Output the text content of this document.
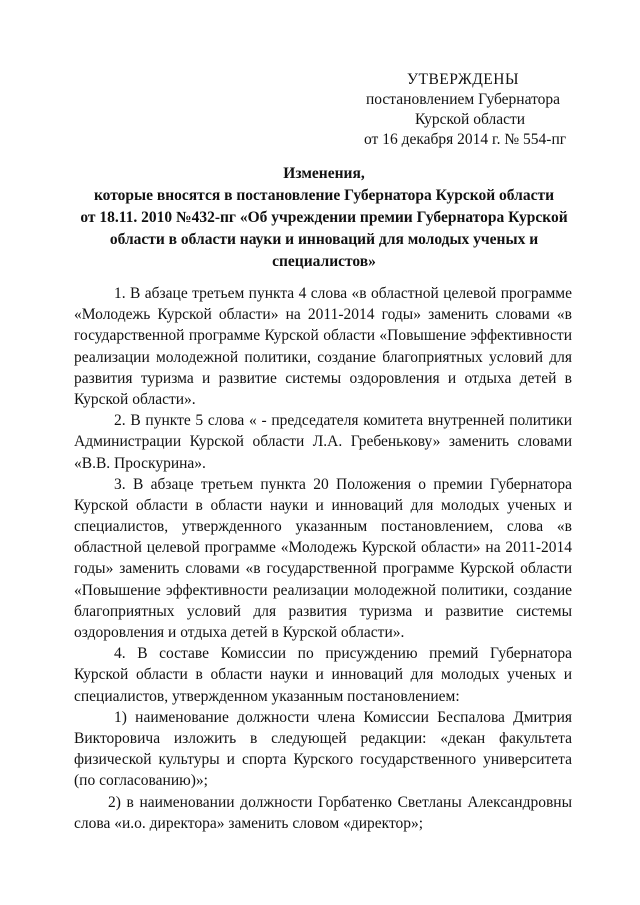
УТВЕРЖДЕНЫ
постановлением Губернатора
Курской области
от 16 декабря 2014 г. № 554-пг
Изменения,
которые вносятся в постановление Губернатора Курской области
от 18.11. 2010 №432-пг «Об учреждении премии Губернатора Курской
области в области науки и инноваций для молодых ученых и
специалистов»
1. В абзаце третьем пункта 4 слова «в областной целевой программе
«Молодежь Курской области» на 2011-2014 годы» заменить словами «в
государственной программе Курской области «Повышение эффективности
реализации молодежной политики, создание благоприятных условий для
развития туризма и развитие системы оздоровления и отдыха детей в
Курской области».
2. В пункте 5 слова « - председателя комитета внутренней политики
Администрации Курской области Л.А. Гребенькову» заменить словами
«В.В. Проскурина».
3. В абзаце третьем пункта 20 Положения о премии Губернатора
Курской области в области науки и инноваций для молодых ученых и
специалистов, утвержденного указанным постановлением, слова «в
областной целевой программе «Молодежь Курской области» на 2011-2014
годы» заменить словами «в государственной программе Курской области
«Повышение эффективности реализации молодежной политики, создание
благоприятных условий для развития туризма и развитие системы
оздоровления и отдыха детей в Курской области».
4. В составе Комиссии по присуждению премий Губернатора
Курской области в области науки и инноваций для молодых ученых и
специалистов, утвержденном указанным постановлением:
1) наименование должности члена Комиссии Беспалова Дмитрия
Викторовича изложить в следующей редакции: «декан факультета
физической культуры и спорта Курского государственного университета
(по согласованию)»;
2) в наименовании должности Горбатенко Светланы Александровны
слова «и.о. директора» заменить словом «директор»;
